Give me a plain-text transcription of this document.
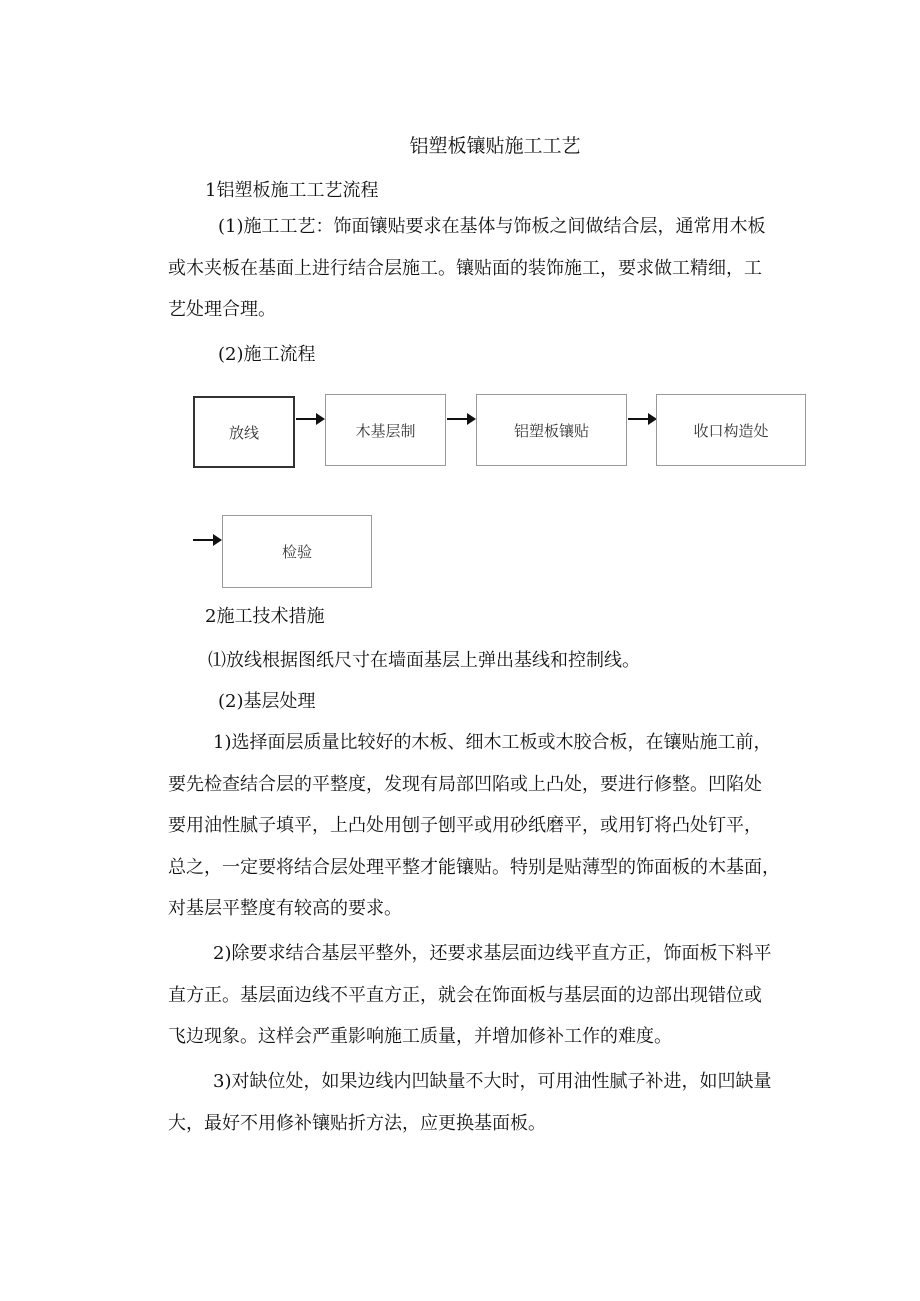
铝塑板镶贴施工工艺
1铝塑板施工工艺流程
(1)施工工艺：饰面镶贴要求在基体与饰板之间做结合层，通常用木板
或木夹板在基面上进行结合层施工。镶贴面的装饰施工，要求做工精细，工
艺处理合理。
(2)施工流程
放线	木基层制	铝塑板镶贴	收口构造处
检验
2施工技术措施
⑴放线根据图纸尺寸在墙面基层上弹出基线和控制线。
(2)基层处理
1)选择面层质量比较好的木板、细木工板或木胶合板，在镶贴施工前，
要先检查结合层的平整度，发现有局部凹陷或上凸处，要进行修整。凹陷处
要用油性腻子填平，上凸处用刨子刨平或用砂纸磨平，或用钉将凸处钉平，
总之，一定要将结合层处理平整才能镶贴。特别是贴薄型的饰面板的木基面，
对基层平整度有较高的要求。
2)除要求结合基层平整外，还要求基层面边线平直方正，饰面板下料平
直方正。基层面边线不平直方正，就会在饰面板与基层面的边部出现错位或
飞边现象。这样会严重影响施工质量，并增加修补工作的难度。
3)对缺位处，如果边线内凹缺量不大时，可用油性腻子补进，如凹缺量
大，最好不用修补镶贴折方法，应更换基面板。
